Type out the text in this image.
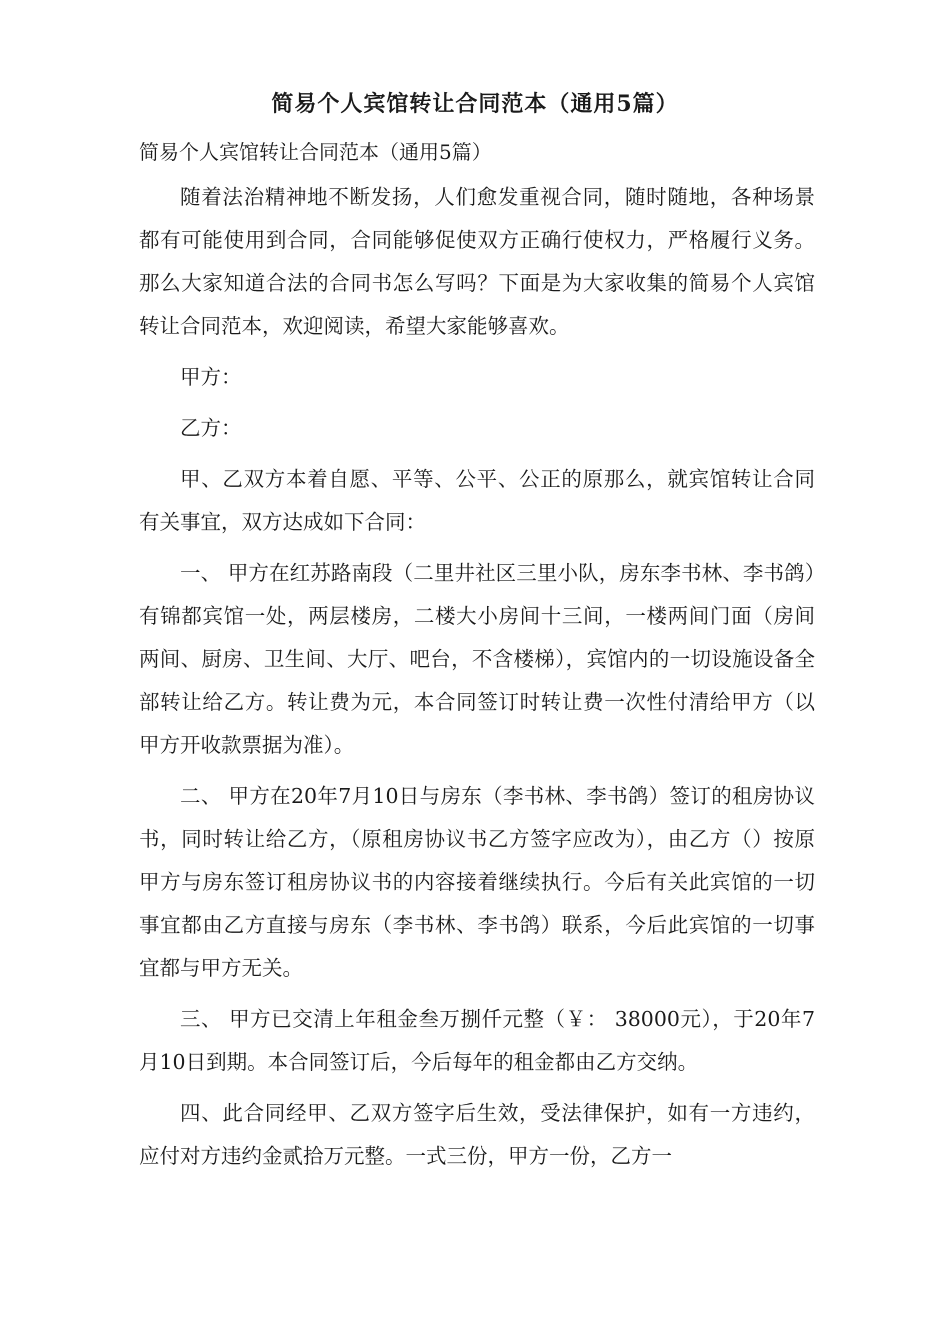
简易个人宾馆转让合同范本（通用5篇）

简易个人宾馆转让合同范本（通用5篇）

随着法治精神地不断发扬，人们愈发重视合同，随时随地，各种场景都有可能使用到合同，合同能够促使双方正确行使权力，严格履行义务。那么大家知道合法的合同书怎么写吗？下面是为大家收集的简易个人宾馆转让合同范本，欢迎阅读，希望大家能够喜欢。

甲方：

乙方：

甲、乙双方本着自愿、平等、公平、公正的原那么，就宾馆转让合同有关事宜，双方达成如下合同：

一、 甲方在红苏路南段（二里井社区三里小队，房东李书林、李书鸽）有锦都宾馆一处，两层楼房，二楼大小房间十三间，一楼两间门面（房间两间、厨房、卫生间、大厅、吧台，不含楼梯），宾馆内的一切设施设备全部转让给乙方。转让费为元，本合同签订时转让费一次性付清给甲方（以甲方开收款票据为准）。

二、 甲方在20年7月10日与房东（李书林、李书鸽）签订的租房协议书，同时转让给乙方，（原租房协议书乙方签字应改为），由乙方（）按原甲方与房东签订租房协议书的内容接着继续执行。今后有关此宾馆的一切事宜都由乙方直接与房东（李书林、李书鸽）联系，今后此宾馆的一切事宜都与甲方无关。

三、 甲方已交清上年租金叁万捌仟元整（￥： 38000元），于20年7月10日到期。本合同签订后，今后每年的租金都由乙方交纳。

四、此合同经甲、乙双方签字后生效，受法律保护，如有一方违约，应付对方违约金贰拾万元整。一式三份，甲方一份，乙方一
